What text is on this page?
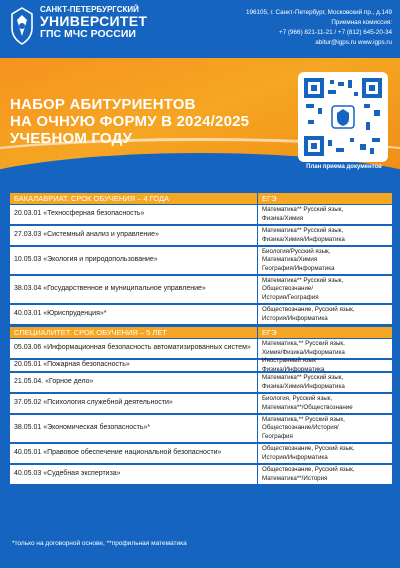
САНКТ-ПЕТЕРБУРГСКИЙ
УНИВЕРСИТЕТ
ГПС МЧС РОССИИ
196105, г. Санкт-Петербург, Московский пр., д.149
Приемная комиссия:
+7 (966) 821-11-21 / +7 (812) 645-20-34
abitur@igps.ru www.igps.ru
НАБОР АБИТУРИЕНТОВ
НА ОЧНУЮ ФОРМУ В 2024/2025
УЧЕБНОМ ГОДУ
План приема документов
БАКАЛАВРИАТ. СРОК ОБУЧЕНИЯ – 4 ГОДА	ЕГЭ
20.03.01 «Техносферная безопасность»
Математика** Русский язык,
Физика/Химия
27.03.03 «Системный анализ и управление»
Математика** Русский язык,
Физика/Химия/Информатика
10.05.03 «Экология и природопользование»
Биология/Русский язык,
Математика/Химия
География/Информатика
38.03.04 «Государственное и муниципальное управление»
Математика** Русский язык,
Обществознание/
История/География
40.03.01 «Юриспруденция»*
Обществознание, Русский язык,
История/Информатика
СПЕЦИАЛИТЕТ. СРОК ОБУЧЕНИЯ – 5 ЛЕТ	ЕГЭ
05.03.06 «Информационная безопасность автоматизированных систем»
Математика,** Русский язык,
Химия/Физика/Информатика
20.05.01 «Пожарная безопасность»
Иностранный язык
Физика/Информатика
21.05.04. «Горное дело»
Математика** Русский язык,
Физика/Химия/Информатика
37.05.02 «Психология служебной деятельности»
Биология, Русский язык,
Математика**/Обществознание
38.05.01 «Экономическая безопасность»*
Математика,** Русский язык,
Обществознание/История/
География
40.05.01 «Правовое обеспечение национальной безопасности»
Обществознание, Русский язык,
История/Информатика
40.05.03 «Судебная экспертиза»
Обществознание, Русский язык,
Математика**/История
*только на договорной основе, **профильная математика
